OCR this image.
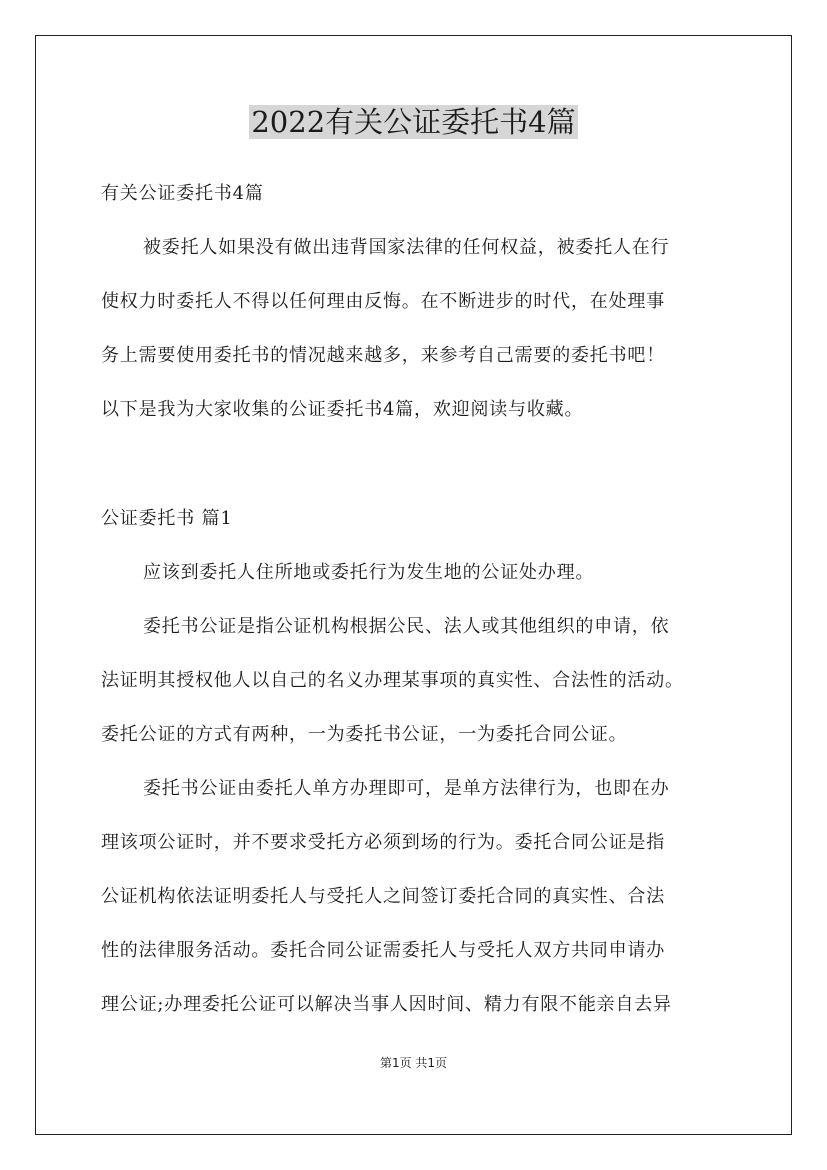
2022有关公证委托书4篇
有关公证委托书4篇
被委托人如果没有做出违背国家法律的任何权益，被委托人在行
使权力时委托人不得以任何理由反悔。在不断进步的时代，在处理事
务上需要使用委托书的情况越来越多，来参考自己需要的委托书吧！
以下是我为大家收集的公证委托书4篇，欢迎阅读与收藏。
公证委托书 篇1
应该到委托人住所地或委托行为发生地的公证处办理。
委托书公证是指公证机构根据公民、法人或其他组织的申请，依
法证明其授权他人以自己的名义办理某事项的真实性、合法性的活动。
委托公证的方式有两种，一为委托书公证，一为委托合同公证。
委托书公证由委托人单方办理即可，是单方法律行为，也即在办
理该项公证时，并不要求受托方必须到场的行为。委托合同公证是指
公证机构依法证明委托人与受托人之间签订委托合同的真实性、合法
性的法律服务活动。委托合同公证需委托人与受托人双方共同申请办
理公证;办理委托公证可以解决当事人因时间、精力有限不能亲自去异
第1页 共1页
